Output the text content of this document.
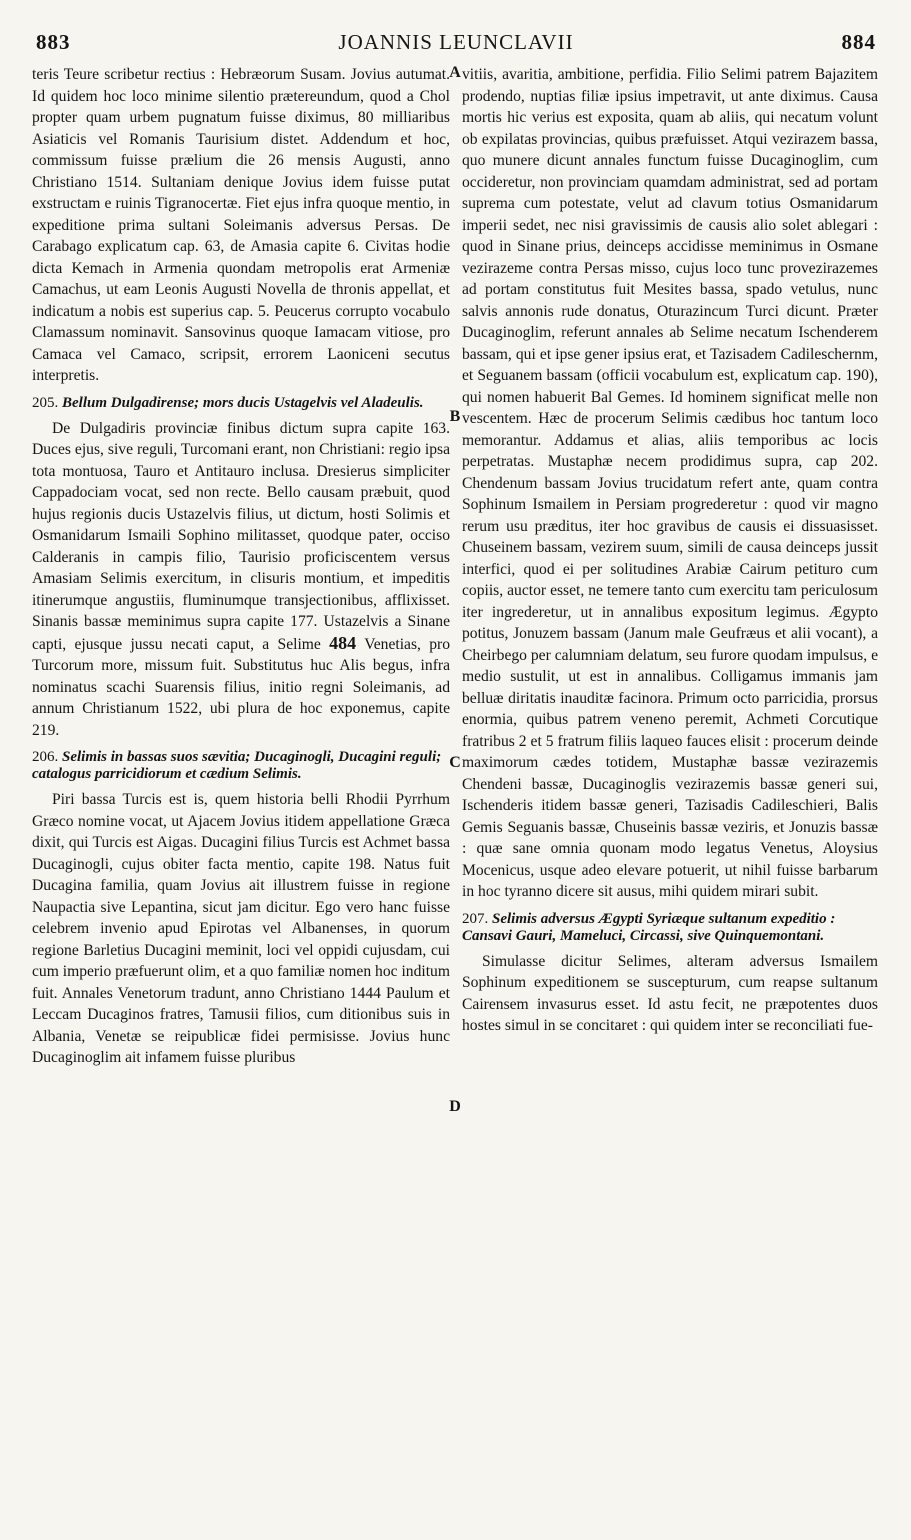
883	JOANNIS LEUNCLAVII	884
A
B
C
D

teris Teure scribetur rectius : Hebræorum Susam. Jovius autumat. Id quidem hoc loco minime silentio prætereundum, quod a Chol propter quam urbem pugnatum fuisse diximus, 80 milliaribus Asiaticis vel Romanis Taurisium distet. Addendum et hoc, commissum fuisse prælium die 26 mensis Augusti, anno Christiano 1514. Sultaniam denique Jovius idem fuisse putat exstructam e ruinis Tigranocertæ. Fiet ejus infra quoque mentio, in expeditione prima sultani Soleimanis adversus Persas. De Carabago explicatum cap. 63, de Amasia capite 6. Civitas hodie dicta Kemach in Armenia quondam metropolis erat Armeniæ Camachus, ut eam Leonis Augusti Novella de thronis appellat, et indicatum a nobis est superius cap. 5. Peucerus corrupto vocabulo Clamassum nominavit. Sansovinus quoque Iamacam vitiose, pro Camaca vel Camaco, scripsit, errorem Laoniceni secutus interpretis.

205. Bellum Dulgadirense; mors ducis Ustagelvis vel Aladeulis.

De Dulgadiris provinciæ finibus dictum supra capite 163. Duces ejus, sive reguli, Turcomani erant, non Christiani: regio ipsa tota montuosa, Tauro et Antitauro inclusa. Dresierus simpliciter Cappadociam vocat, sed non recte. Bello causam præbuit, quod hujus regionis ducis Ustazelvis filius, ut dictum, hosti Solimis et Osmanidarum Ismaili Sophino militasset, quodque pater, occiso Calderanis in campis filio, Taurisio proficiscentem versus Amasiam Selimis exercitum, in clisuris montium, et impeditis itinerumque angustiis, fluminumque transjectionibus, afflixisset. Sinanis bassæ meminimus supra capite 177. Ustazelvis a Sinane capti, ejusque jussu necati caput, a Selime 484 Venetias, pro Turcorum more, missum fuit. Substitutus huc Alis begus, infra nominatus scachi Suarensis filius, initio regni Soleimanis, ad annum Christianum 1522, ubi plura de hoc exponemus, capite 219.

206. Selimis in bassas suos sævitia; Ducaginogli, Ducagini reguli; catalogus parricidiorum et cædium Selimis.

Piri bassa Turcis est is, quem historia belli Rhodii Pyrrhum Græco nomine vocat, ut Ajacem Jovius itidem appellatione Græca dixit, qui Turcis est Aigas. Ducagini filius Turcis est Achmet bassa Ducaginogli, cujus obiter facta mentio, capite 198. Natus fuit Ducagina familia, quam Jovius ait illustrem fuisse in regione Naupactia sive Lepantina, sicut jam dicitur. Ego vero hanc fuisse celebrem invenio apud Epirotas vel Albanenses, in quorum regione Barletius Ducagini meminit, loci vel oppidi cujusdam, cui cum imperio præfuerunt olim, et a quo familiæ nomen hoc inditum fuit. Annales Venetorum tradunt, anno Christiano 1444 Paulum et Leccam Ducaginos fratres, Tamusii filios, cum ditionibus suis in Albania, Venetæ se reipublicæ fidei permisisse. Jovius hunc Ducaginoglim ait infamem fuisse pluribus

vitiis, avaritia, ambitione, perfidia. Filio Selimi patrem Bajazitem prodendo, nuptias filiæ ipsius impetravit, ut ante diximus. Causa mortis hic verius est exposita, quam ab aliis, qui necatum volunt ob expilatas provincias, quibus præfuisset. Atqui vezirazem bassa, quo munere dicunt annales functum fuisse Ducaginoglim, cum occideretur, non provinciam quamdam administrat, sed ad portam suprema cum potestate, velut ad clavum totius Osmanidarum imperii sedet, nec nisi gravissimis de causis alio solet ablegari : quod in Sinane prius, deinceps accidisse meminimus in Osmane vezirazeme contra Persas misso, cujus loco tunc provezirazemes ad portam constitutus fuit Mesites bassa, spado vetulus, nunc salvis annonis rude donatus, Oturazincum Turci dicunt. Præter Ducaginoglim, referunt annales ab Selime necatum Ischenderem bassam, qui et ipse gener ipsius erat, et Tazisadem Cadileschernm, et Seguanem bassam (officii vocabulum est, explicatum cap. 190), qui nomen habuerit Bal Gemes. Id hominem significat melle non vescentem. Hæc de procerum Selimis cædibus hoc tantum loco memorantur. Addamus et alias, aliis temporibus ac locis perpetratas. Mustaphæ necem prodidimus supra, cap 202. Chendenum bassam Jovius trucidatum refert ante, quam contra Sophinum Ismailem in Persiam progrederetur : quod vir magno rerum usu præditus, iter hoc gravibus de causis ei dissuasisset. Chuseinem bassam, vezirem suum, simili de causa deinceps jussit interfici, quod ei per solitudines Arabiæ Cairum petituro cum copiis, auctor esset, ne temere tanto cum exercitu tam periculosum iter ingrederetur, ut in annalibus expositum legimus. Ægypto potitus, Jonuzem bassam (Janum male Geufræus et alii vocant), a Cheirbego per calumniam delatum, seu furore quodam impulsus, e medio sustulit, ut est in annalibus. Colligamus immanis jam belluæ diritatis inauditæ facinora. Primum octo parricidia, prorsus enormia, quibus patrem veneno peremit, Achmeti Corcutique fratribus 2 et 5 fratrum filiis laqueo fauces elisit : procerum deinde maximorum cædes totidem, Mustaphæ bassæ vezirazemis Chendeni bassæ, Ducaginoglis vezirazemis bassæ generi sui, Ischenderis itidem bassæ generi, Tazisadis Cadileschieri, Balis Gemis Seguanis bassæ, Chuseinis bassæ veziris, et Jonuzis bassæ : quæ sane omnia quonam modo legatus Venetus, Aloysius Mocenicus, usque adeo elevare potuerit, ut nihil fuisse barbarum in hoc tyranno dicere sit ausus, mihi quidem mirari subit.

207. Selimis adversus Ægypti Syriæque sultanum expeditio : Cansavi Gauri, Mameluci, Circassi, sive Quinquemontani.

Simulasse dicitur Selimes, alteram adversus Ismailem Sophinum expeditionem se suscepturum, cum reapse sultanum Cairensem invasurus esset. Id astu fecit, ne præpotentes duos hostes simul in se concitaret : qui quidem inter se reconciliati fue-
